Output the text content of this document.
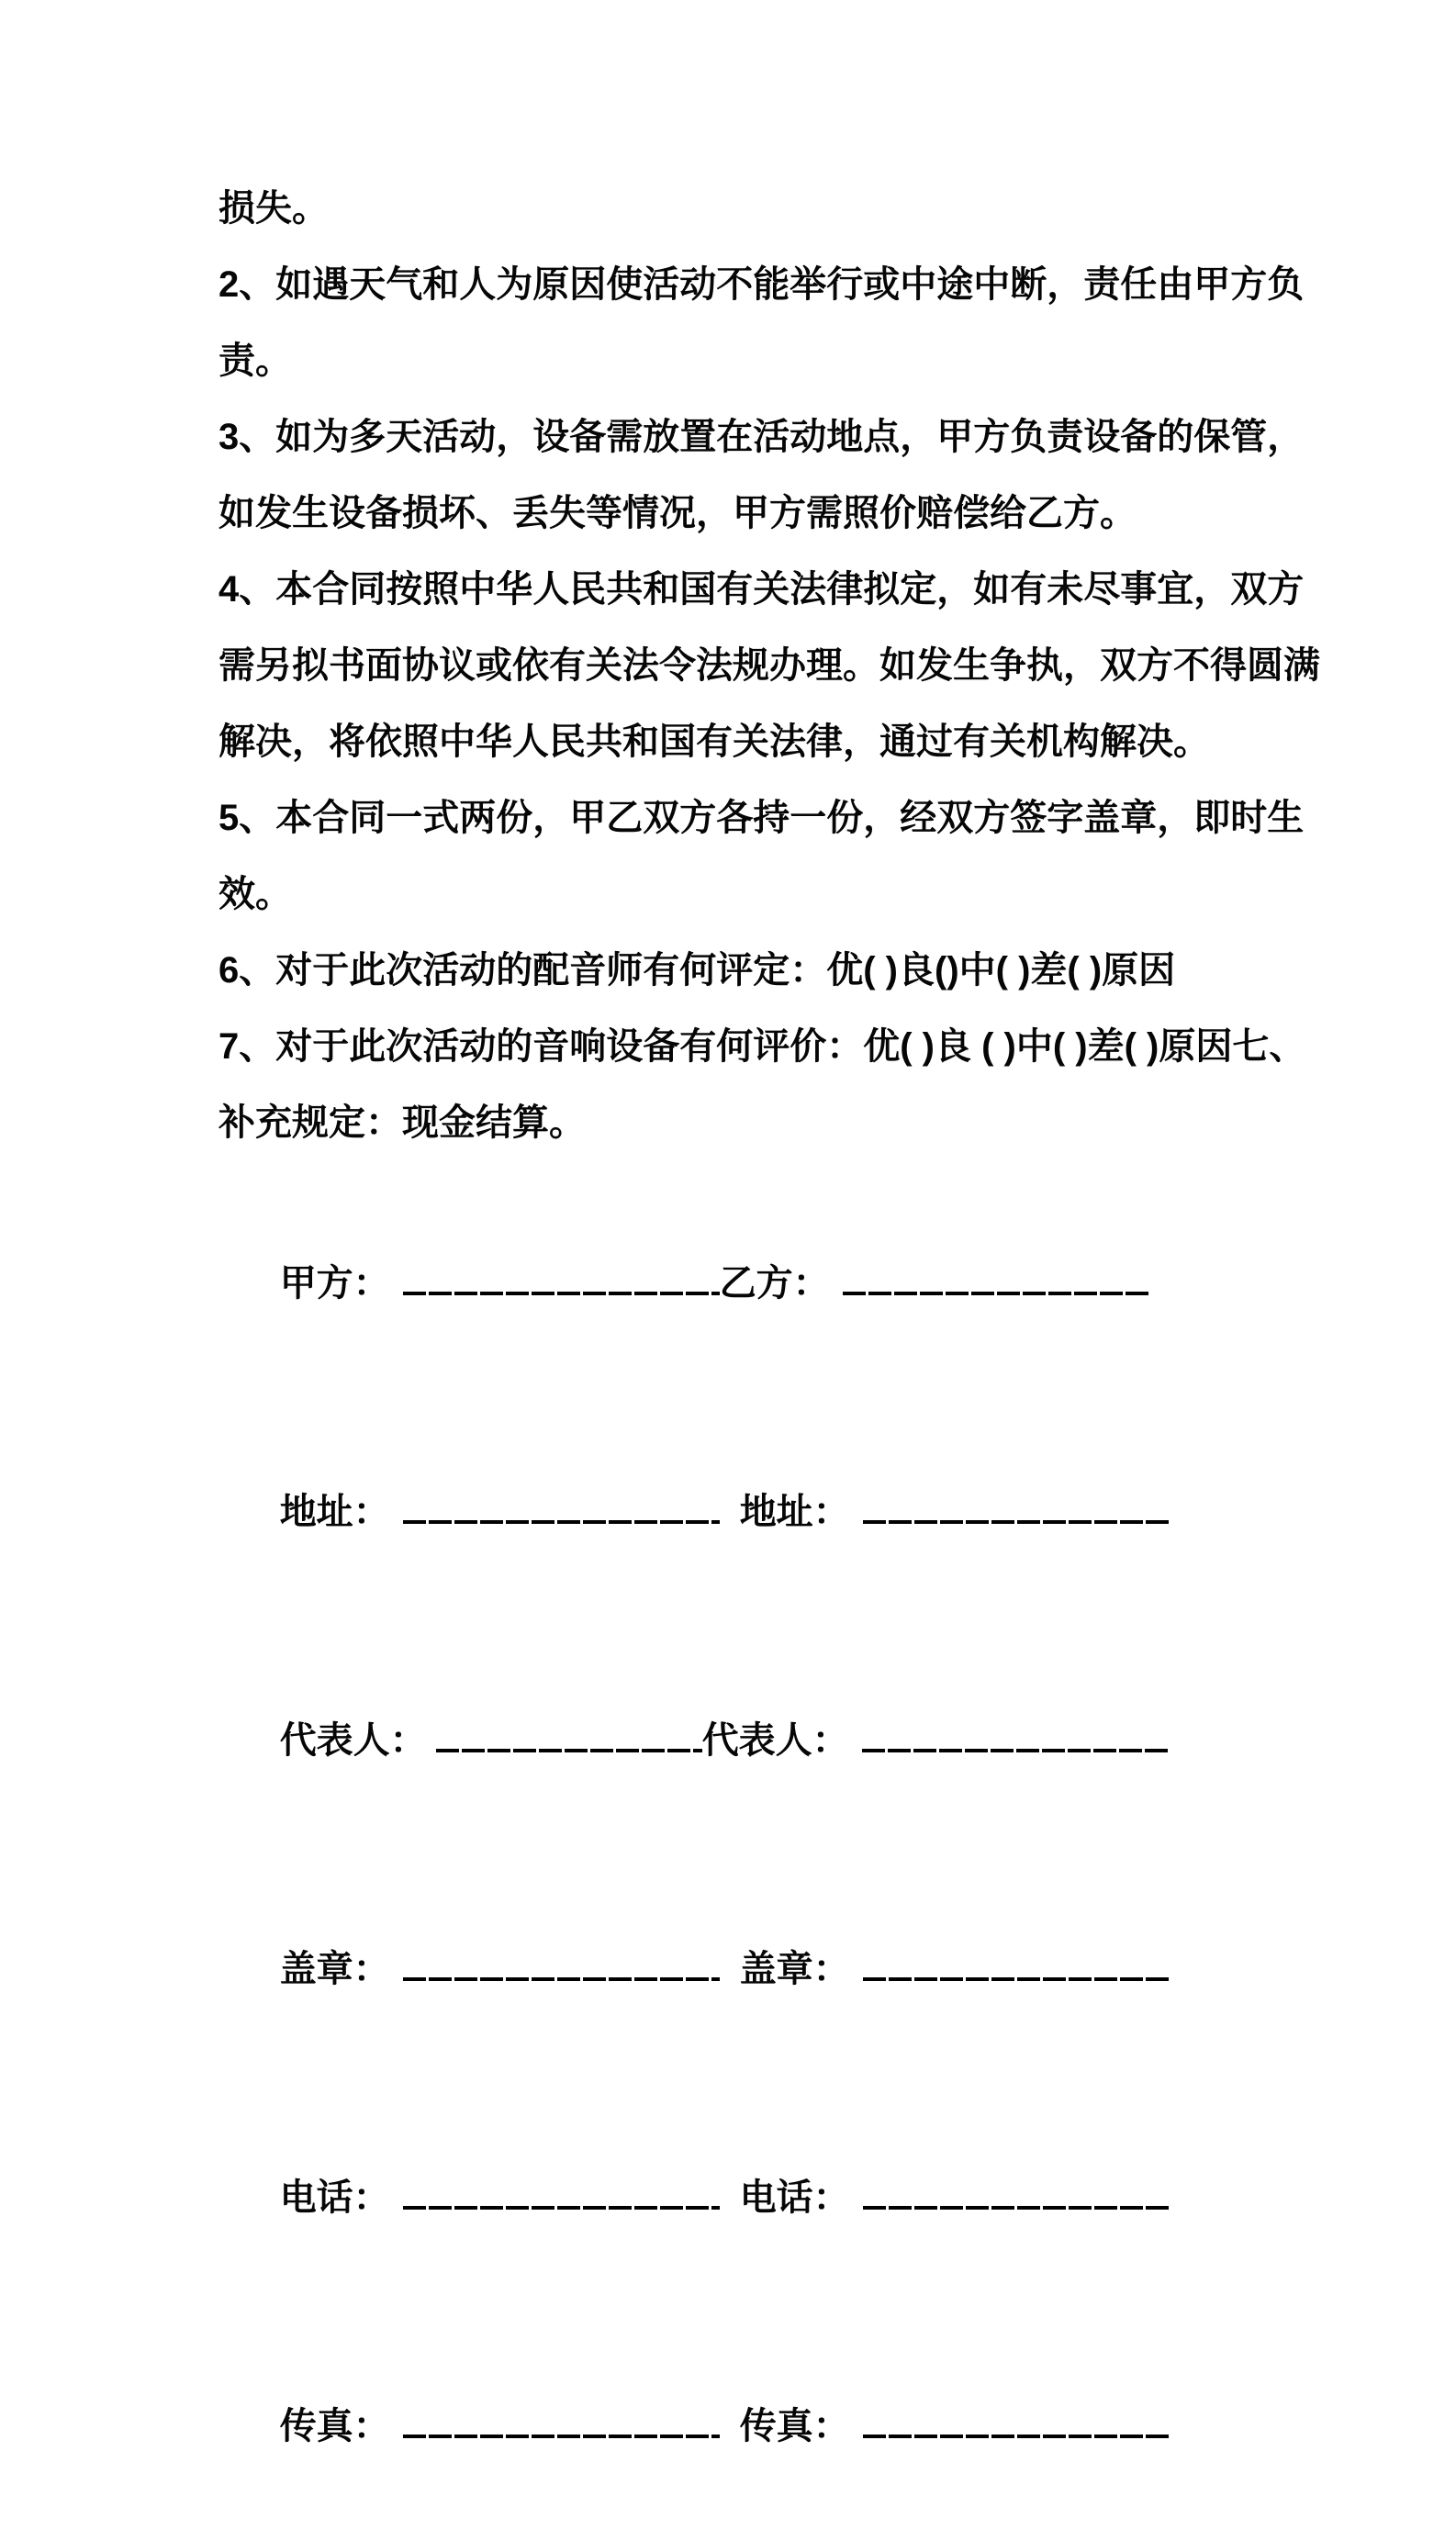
损失。
2、如遇天气和人为原因使活动不能举行或中途中断，责任由甲方负
责。
3、如为多天活动，设备需放置在活动地点，甲方负责设备的保管，
如发生设备损坏、丢失等情况，甲方需照价赔偿给乙方。
4、本合同按照中华人民共和国有关法律拟定，如有未尽事宜，双方
需另拟书面协议或依有关法令法规办理。如发生争执，双方不得圆满
解决，将依照中华人民共和国有关法律，通过有关机构解决。
5、本合同一式两份，甲乙双方各持一份，经双方签字盖章，即时生
效。
6、对于此次活动的配音师有何评定：优( )良()中( )差( )原因
7、对于此次活动的音响设备有何评价：优( )良 ( )中( )差( )原因七、
补充规定：现金结算。

甲方：	乙方：

地址：	地址：

代表人：	代表人：

盖章：	盖章：

电话：	电话：

传真：	传真：
